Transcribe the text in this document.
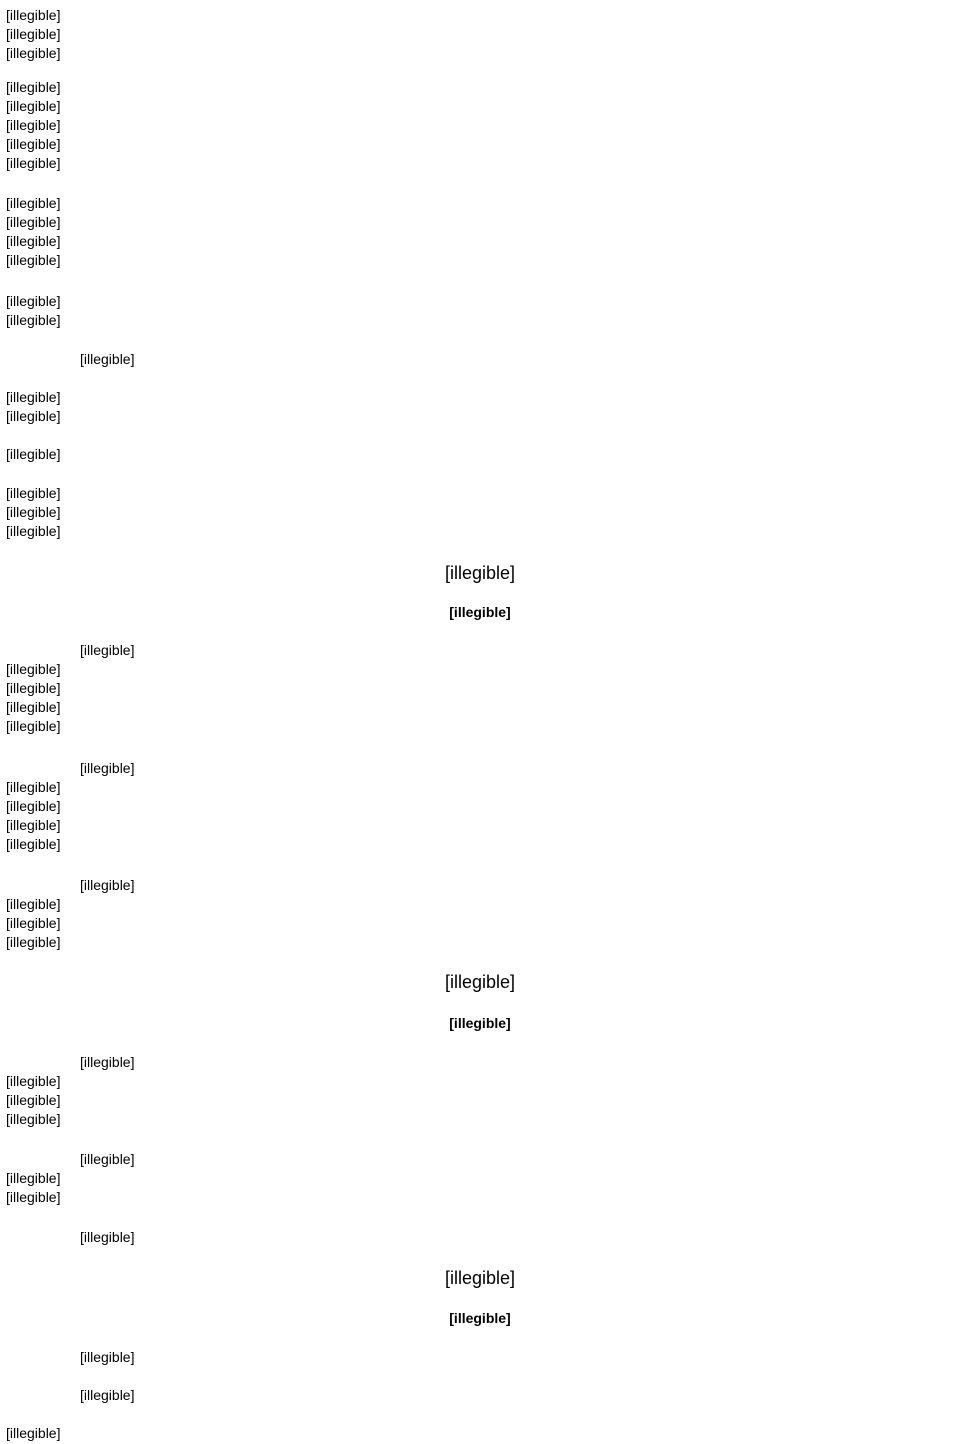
[illegible]
[illegible]
[illegible]

[illegible]
[illegible]
[illegible]
[illegible]
[illegible]

[illegible]
[illegible]
[illegible]
[illegible]

[illegible]
[illegible]

[illegible]

[illegible]
[illegible]

[illegible]

[illegible]
[illegible]
[illegible]

[illegible]
[illegible]

[illegible]
[illegible]
[illegible]
[illegible]
[illegible]

[illegible]
[illegible]
[illegible]
[illegible]
[illegible]

[illegible]
[illegible]
[illegible]
[illegible]

[illegible]
[illegible]

[illegible]
[illegible]
[illegible]
[illegible]

[illegible]
[illegible]
[illegible]

[illegible]

[illegible]
[illegible]

[illegible]

[illegible]

[illegible]
